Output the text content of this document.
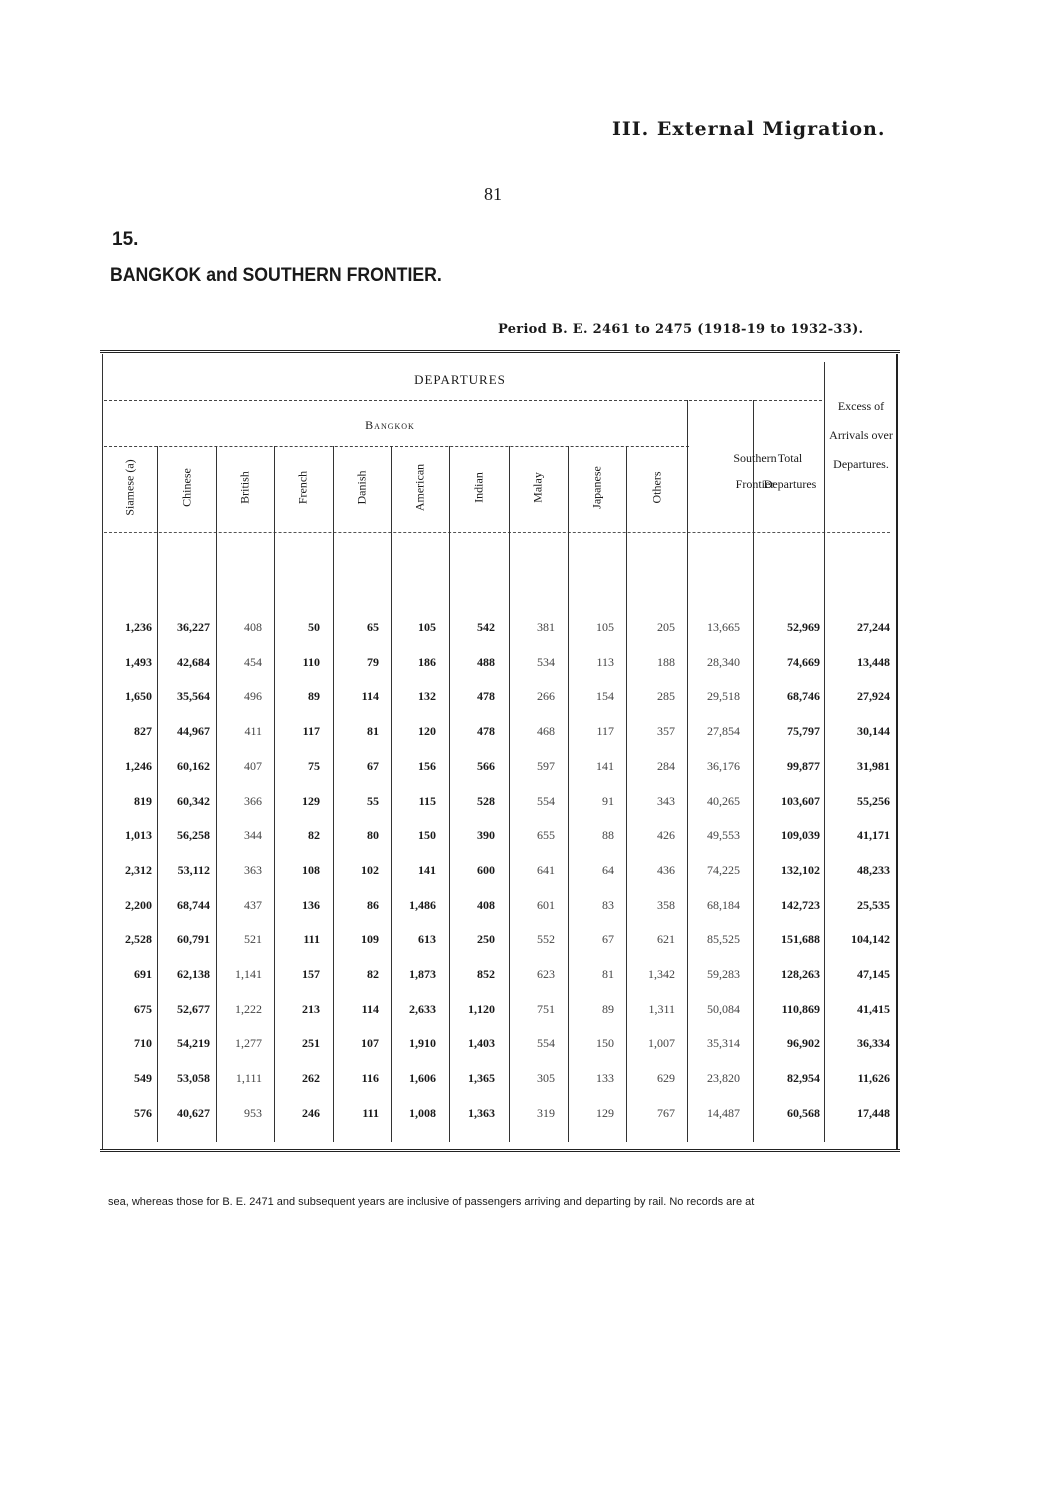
III. External Migration.
81
15.
BANGKOK and SOUTHERN FRONTIER.
Period B. E. 2461 to 2475 (1918-19 to 1932-33).
DEPARTURES
Bangkok
Southern Frontier
Total Departures
Excess of Arrivals over Departures.
Siamese (a)	Chinese	British	French	Danish	American	Indian	Malay	Japanese	Others
1,236	36,227	408	50	65	105	542	381	105	205	13,665	52,969	27,244
1,493	42,684	454	110	79	186	488	534	113	188	28,340	74,669	13,448
1,650	35,564	496	89	114	132	478	266	154	285	29,518	68,746	27,924
827	44,967	411	117	81	120	478	468	117	357	27,854	75,797	30,144
1,246	60,162	407	75	67	156	566	597	141	284	36,176	99,877	31,981
819	60,342	366	129	55	115	528	554	91	343	40,265	103,607	55,256
1,013	56,258	344	82	80	150	390	655	88	426	49,553	109,039	41,171
2,312	53,112	363	108	102	141	600	641	64	436	74,225	132,102	48,233
2,200	68,744	437	136	86	1,486	408	601	83	358	68,184	142,723	25,535
2,528	60,791	521	111	109	613	250	552	67	621	85,525	151,688	104,142
691	62,138	1,141	157	82	1,873	852	623	81	1,342	59,283	128,263	47,145
675	52,677	1,222	213	114	2,633	1,120	751	89	1,311	50,084	110,869	41,415
710	54,219	1,277	251	107	1,910	1,403	554	150	1,007	35,314	96,902	36,334
549	53,058	1,111	262	116	1,606	1,365	305	133	629	23,820	82,954	11,626
576	40,627	953	246	111	1,008	1,363	319	129	767	14,487	60,568	17,448
sea, whereas those for B. E. 2471 and subsequent years are inclusive of passengers arriving and departing by rail. No records are at
